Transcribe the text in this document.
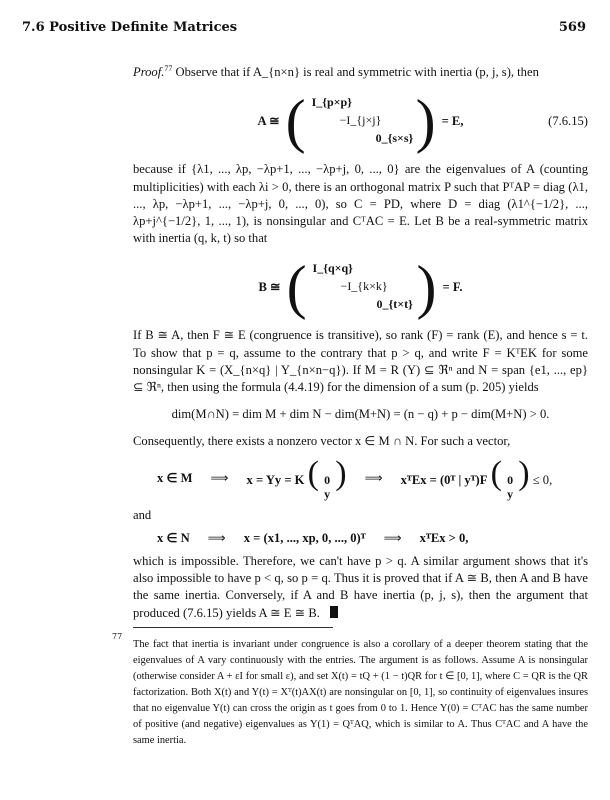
7.6 Positive Definite Matrices	569

Proof.$^{77}$ Observe that if A_{n×n} is real and symmetric with inertia (p, j, s), then

A ≅ ( I_{p×p}
−I_{j×j}
0_{s×s} ) = E,	(7.6.15)

because if {λ1, ..., λp, −λp+1, ..., −λp+j, 0, ..., 0} are the eigenvalues of A (counting multiplicities) with each λi > 0, there is an orthogonal matrix P such that PᵀAP = diag (λ1, ..., λp, −λp+1, ..., −λp+j, 0, ..., 0), so C = PD, where D = diag (λ1^{−1/2}, ..., λp+j^{−1/2}, 1, ..., 1), is nonsingular and CᵀAC = E. Let B be a real-symmetric matrix with inertia (q, k, t) so that

B ≅ ( I_{q×q}
−I_{k×k}
0_{t×t} ) = F.

If B ≅ A, then F ≅ E (congruence is transitive), so rank (F) = rank (E), and hence s = t. To show that p = q, assume to the contrary that p > q, and write F = KᵀEK for some nonsingular K = (X_{n×q} | Y_{n×n−q}). If M = R (Y) ⊆ ℜⁿ and N = span {e1, ..., ep} ⊆ ℜⁿ, then using the formula (4.4.19) for the dimension of a sum (p. 205) yields

dim(M∩N) = dim M + dim N − dim(M+N) = (n − q) + p − dim(M+N) > 0.

Consequently, there exists a nonzero vector x ∈ M ∩ N. For such a vector,

x ∈ M ⟹ x = Yy = K ( 0
y
) ⟹ xᵀEx = (0ᵀ | yᵀ)F ( 0
y
) ≤ 0,

and

x ∈ N ⟹ x = (x1, ..., xp, 0, ..., 0)ᵀ ⟹ xᵀEx > 0,

which is impossible. Therefore, we can't have p > q. A similar argument shows that it's also impossible to have p < q, so p = q. Thus it is proved that if A ≅ B, then A and B have the same inertia. Conversely, if A and B have inertia (p, j, s), then the argument that produced (7.6.15) yields A ≅ E ≅ B.

77
The fact that inertia is invariant under congruence is also a corollary of a deeper theorem stating that the eigenvalues of A vary continuously with the entries. The argument is as follows. Assume A is nonsingular (otherwise consider A + εI for small ε), and set X(t) = tQ + (1 − t)QR for t ∈ [0, 1], where C = QR is the QR factorization. Both X(t) and Y(t) = Xᵀ(t)AX(t) are nonsingular on [0, 1], so continuity of eigenvalues insures that no eigenvalue Y(t) can cross the origin as t goes from 0 to 1. Hence Y(0) = CᵀAC has the same number of positive (and negative) eigenvalues as Y(1) = QᵀAQ, which is similar to A. Thus CᵀAC and A have the same inertia.
